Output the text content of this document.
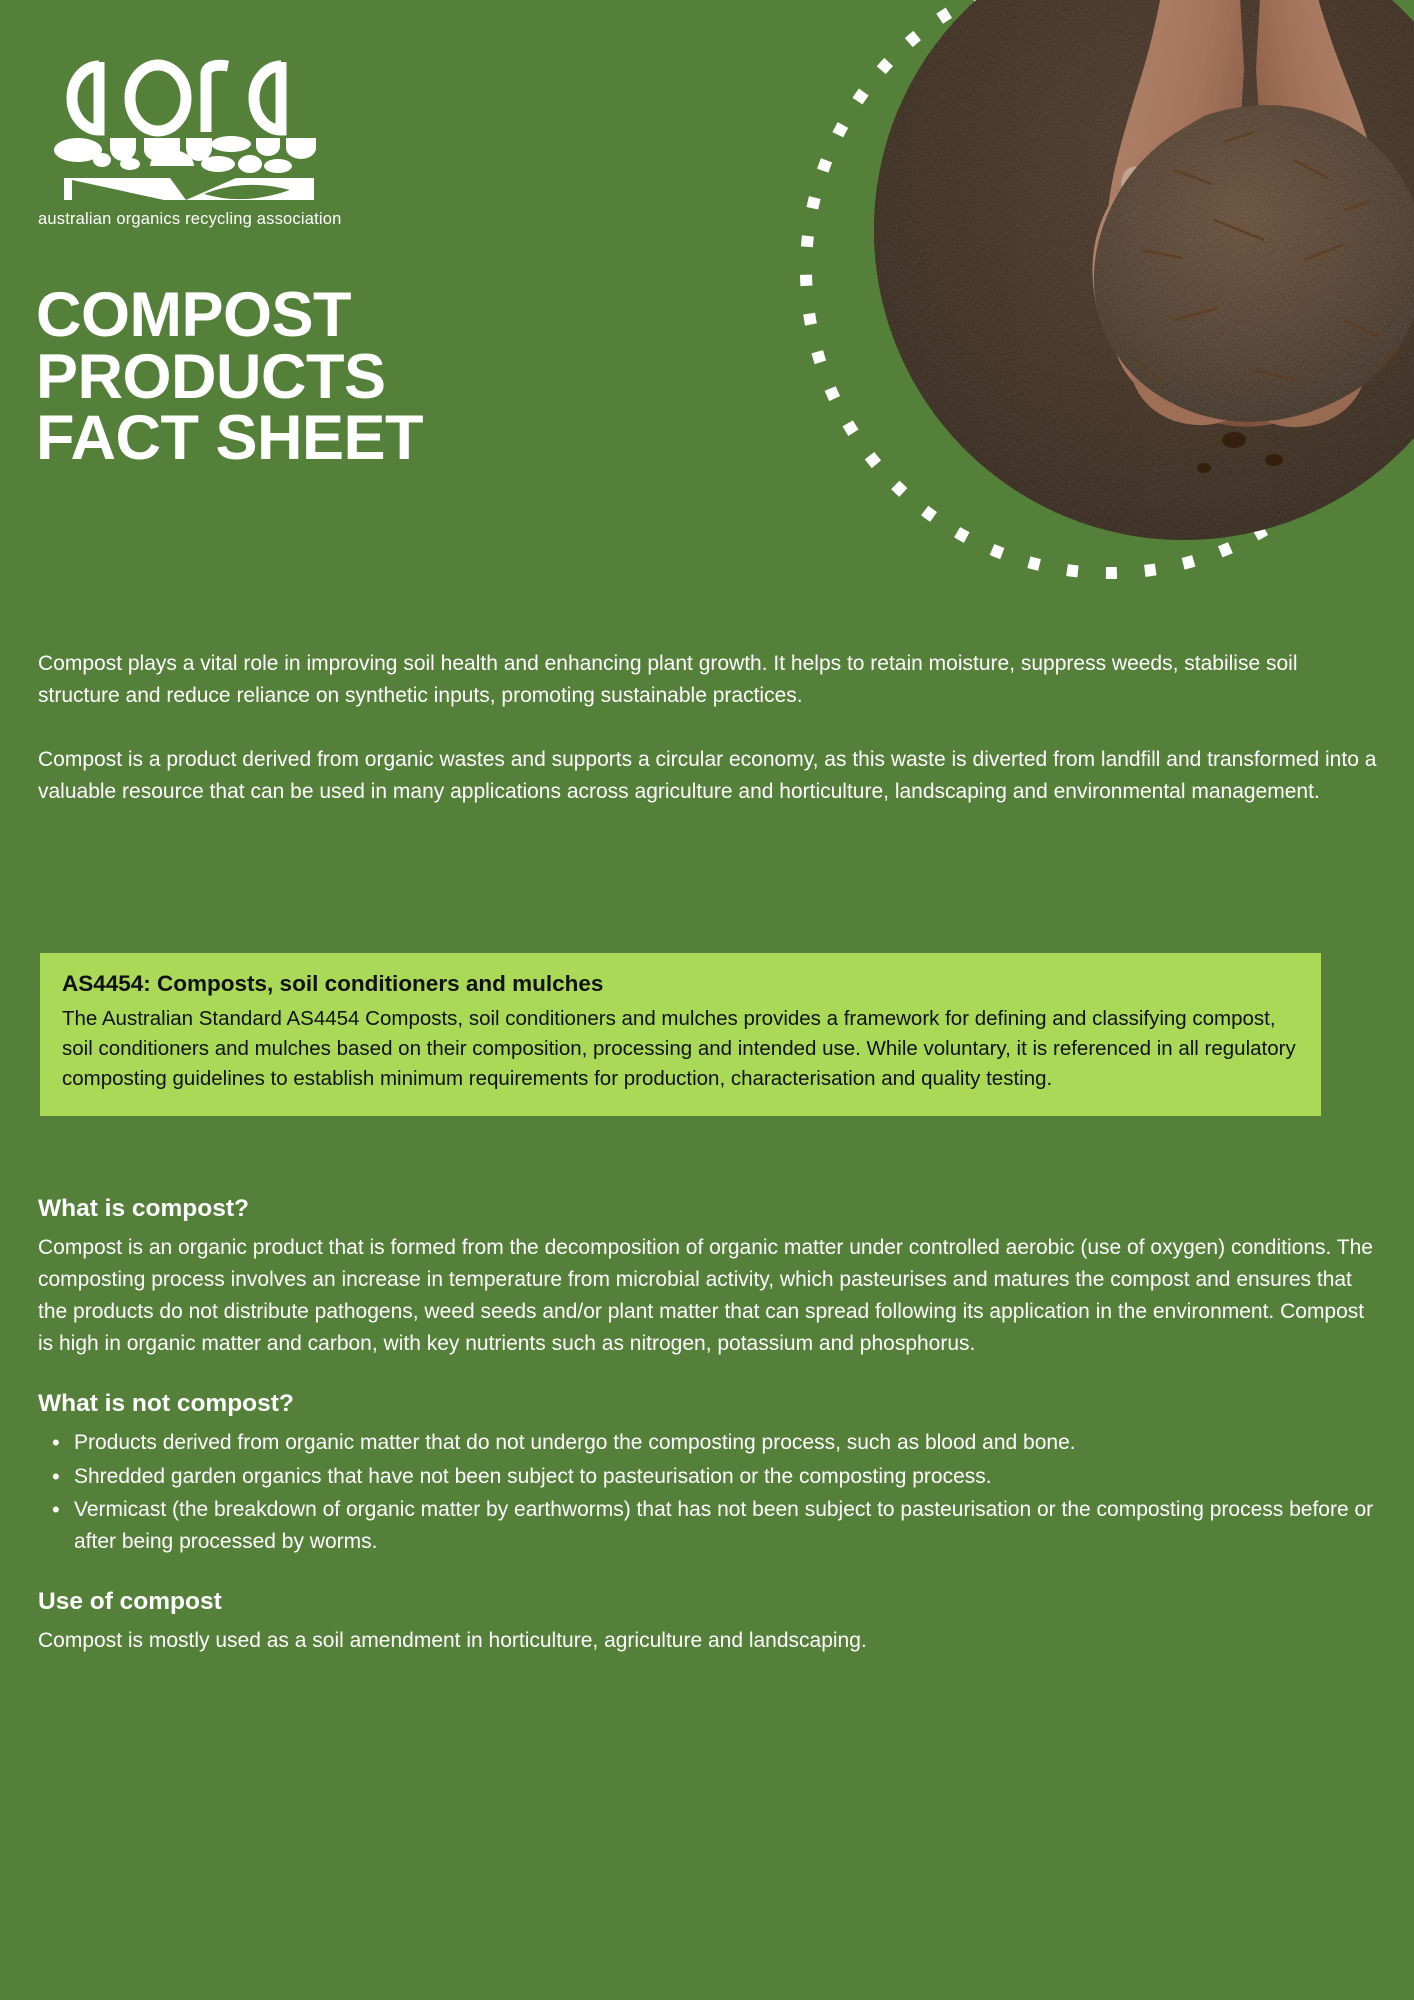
australian organics recycling association
COMPOST
PRODUCTS
FACT SHEET

Compost plays a vital role in improving soil health and enhancing plant growth. It helps to retain moisture, suppress weeds, stabilise soil structure and reduce reliance on synthetic inputs, promoting sustainable practices.

Compost is a product derived from organic wastes and supports a circular economy, as this waste is diverted from landfill and transformed into a valuable resource that can be used in many applications across agriculture and horticulture, landscaping and environmental management.

AS4454: Composts, soil conditioners and mulches
The Australian Standard AS4454 Composts, soil conditioners and mulches provides a framework for defining and classifying compost, soil conditioners and mulches based on their composition, processing and intended use. While voluntary, it is referenced in all regulatory composting guidelines to establish minimum requirements for production, characterisation and quality testing.
What is compost?

Compost is an organic product that is formed from the decomposition of organic matter under controlled aerobic (use of oxygen) conditions. The composting process involves an increase in temperature from microbial activity, which pasteurises and matures the compost and ensures that the products do not distribute pathogens, weed seeds and/or plant matter that can spread following its application in the environment. Compost is high in organic matter and carbon, with key nutrients such as nitrogen, potassium and phosphorus.

What is not compost?
• Products derived from organic matter that do not undergo the composting process, such as blood and bone.
• Shredded garden organics that have not been subject to pasteurisation or the composting process.
• Vermicast (the breakdown of organic matter by earthworms) that has not been subject to pasteurisation or the composting process before or after being processed by worms.
Use of compost

Compost is mostly used as a soil amendment in horticulture, agriculture and landscaping.
